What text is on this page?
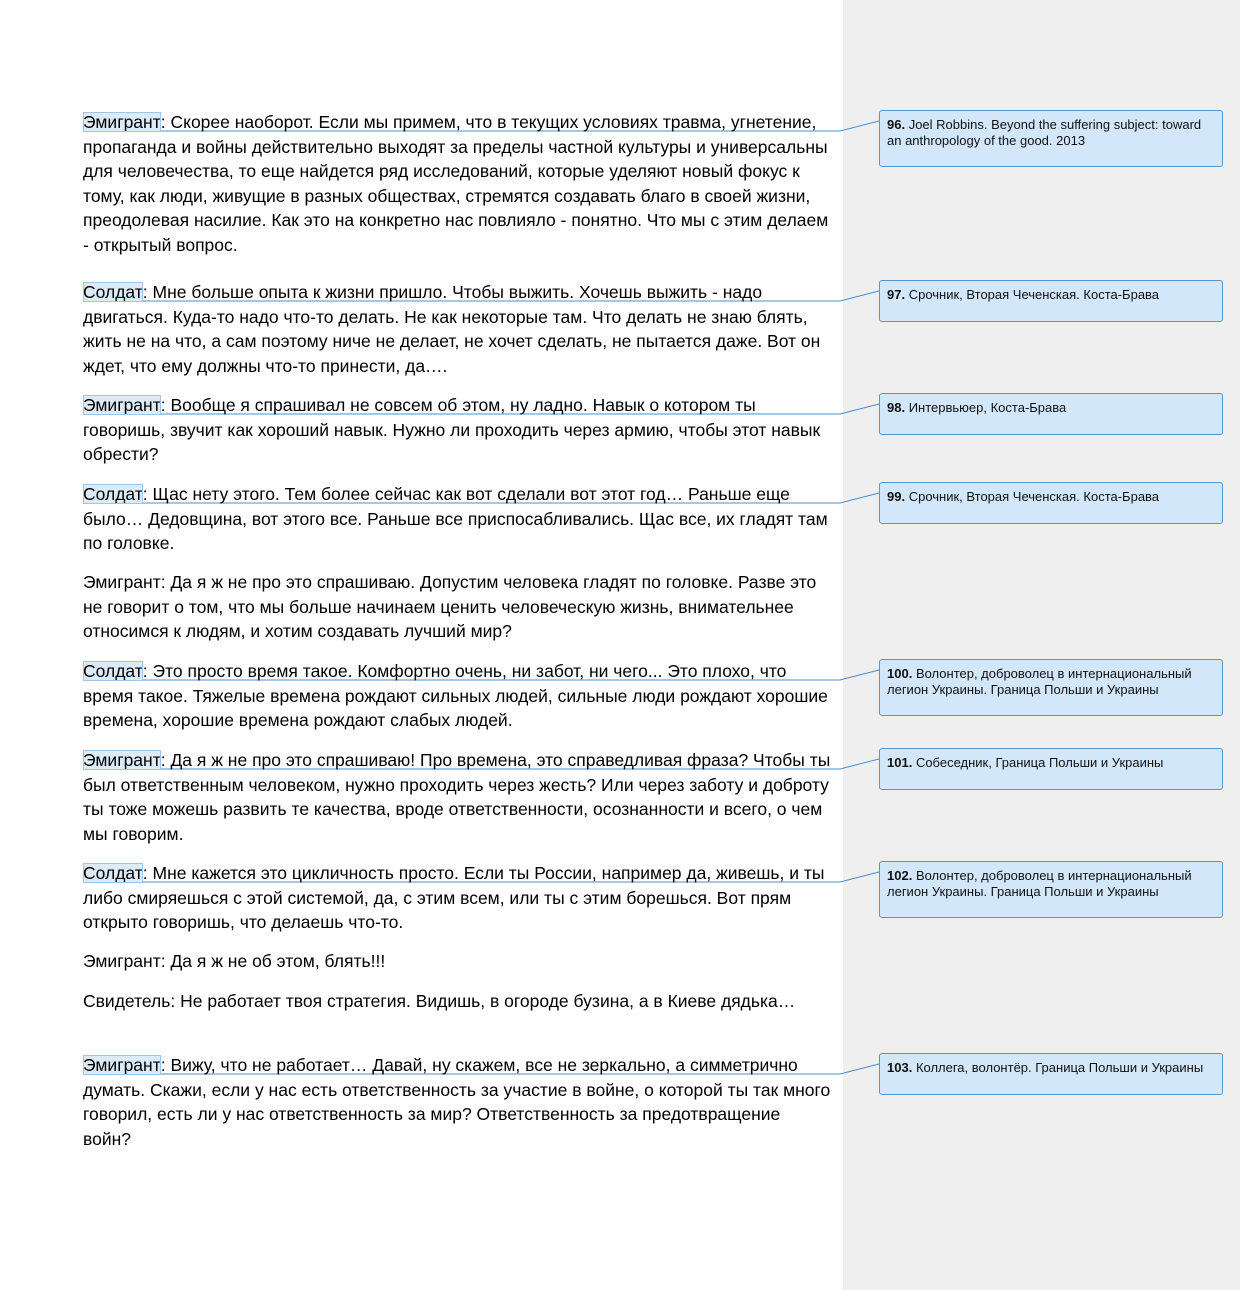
Эмигрант: Скорее наоборот. Если мы примем, что в текущих условиях травма, угнетение, пропаганда и войны действительно выходят за пределы частной культуры и универсальны для человечества, то еще найдется ряд исследований, которые уделяют новый фокус к тому, как люди, живущие в разных обществах, стремятся создавать благо в своей жизни, преодолевая насилие. Как это на конкретно нас повлияло - понятно. Что мы с этим делаем - открытый вопрос.

Солдат: Мне больше опыта к жизни пришло. Чтобы выжить. Хочешь выжить - надо двигаться. Куда-то надо что-то делать. Не как некоторые там. Что делать не знаю блять, жить не на что, а сам поэтому ниче не делает, не хочет сделать, не пытается даже. Вот он ждет, что ему должны что-то принести, да….

Эмигрант: Вообще я спрашивал не совсем об этом, ну ладно. Навык о котором ты говоришь, звучит как хороший навык. Нужно ли проходить через армию, чтобы этот навык обрести?

Солдат: Щас нету этого. Тем более сейчас как вот сделали вот этот год… Раньше еще было… Дедовщина, вот этого все. Раньше все приспосабливались. Щас все, их гладят там по головке.

Эмигрант: Да я ж не про это спрашиваю. Допустим человека гладят по головке. Разве это не говорит о том, что мы больше начинаем ценить человеческую жизнь, внимательнее относимся к людям, и хотим создавать лучший мир?

Солдат: Это просто время такое. Комфортно очень, ни забот, ни чего... Это плохо, что время такое. Тяжелые времена рождают сильных людей, сильные люди рождают хорошие времена, хорошие времена рождают слабых людей.

Эмигрант: Да я ж не про это спрашиваю! Про времена, это справедливая фраза? Чтобы ты был ответственным человеком, нужно проходить через жесть? Или через заботу и доброту ты тоже можешь развить те качества, вроде ответственности, осознанности и всего, о чем мы говорим.

Солдат: Мне кажется это цикличность просто. Если ты России, например да, живешь, и ты либо смиряешься с этой системой, да, с этим всем, или ты с этим борешься. Вот прям открыто говоришь, что делаешь что-то.

Эмигрант: Да я ж не об этом, блять!!!

Свидетель: Не работает твоя стратегия. Видишь, в огороде бузина, а в Киеве дядька…

Эмигрант: Вижу, что не работает… Давай, ну скажем, все не зеркально, а симметрично думать. Скажи, если у нас есть ответственность за участие в войне, о которой ты так много говорил, есть ли у нас ответственность за мир? Ответственность за предотвращение войн?

96. Joel Robbins. Beyond the suffering subject: toward an anthropology of the good. 2013
97. Срочник, Вторая Чеченская. Коста-Брава
98. Интервьюер, Коста-Брава
99. Срочник, Вторая Чеченская. Коста-Брава
100. Волонтер, доброволец в интернациональный легион Украины. Граница Польши и Украины
101. Собеседник, Граница Польши и Украины
102. Волонтер, доброволец в интернациональный легион Украины. Граница Польши и Украины
103. Коллега, волонтёр. Граница Польши и Украины
